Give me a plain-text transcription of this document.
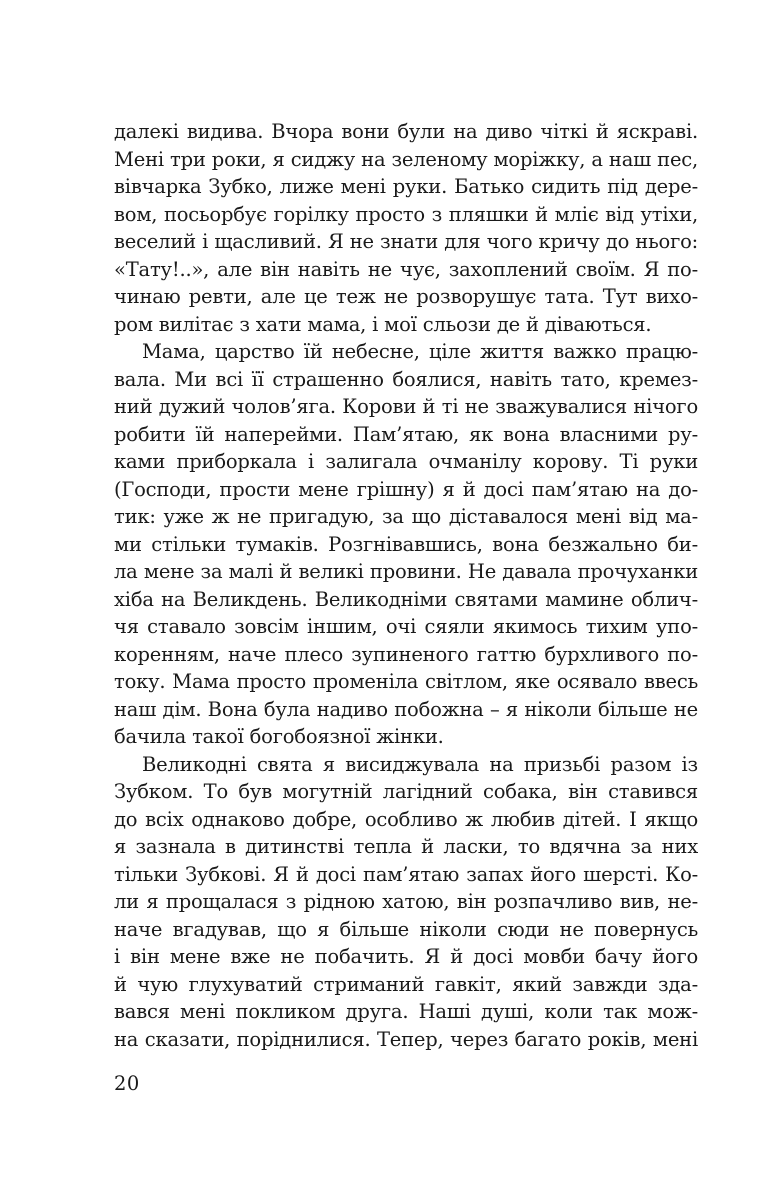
далекі видива. Вчора вони були на диво чіткі й яскраві.
Мені три роки, я сиджу на зеленому моріжку, а наш пес,
вівчарка Зубко, лиже мені руки. Батько сидить під дере-
вом, посьорбує горілку просто з пляшки й мліє від утіхи,
веселий і щасливий. Я не знати для чого кричу до нього:
«Тату!..», але він навіть не чує, захоплений своїм. Я по-
чинаю ревти, але це теж не розворушує тата. Тут вихо-
ром вилітає з хати мама, і мої сльози де й діваються.
Мама, царство їй небесне, ціле життя важко працю-
вала. Ми всі її страшенно боялися, навіть тато, кремез-
ний дужий чолов’яга. Корови й ті не зважувалися нічого
робити їй наперейми. Пам’ятаю, як вона власними ру-
ками приборкала і залигала очманілу корову. Ті руки
(Господи, прости мене грішну) я й досі пам’ятаю на до-
тик: уже ж не пригадую, за що діставалося мені від ма-
ми стільки тумаків. Розгнівавшись, вона безжально би-
ла мене за малі й великі провини. Не давала прочуханки
хіба на Великдень. Великодніми святами мамине облич-
чя ставало зовсім іншим, очі сяяли якимось тихим упо-
коренням, наче плесо зупиненого гаттю бурхливого по-
току. Мама просто променіла світлом, яке осявало ввесь
наш дім. Вона була надиво побожна – я ніколи більше не
бачила такої богобоязної жінки.
Великодні свята я висиджувала на призьбі разом із
Зубком. То був могутній лагідний собака, він ставився
до всіх однаково добре, особливо ж любив дітей. І якщо
я зазнала в дитинстві тепла й ласки, то вдячна за них
тільки Зубкові. Я й досі пам’ятаю запах його шерсті. Ко-
ли я прощалася з рідною хатою, він розпачливо вив, не-
наче вгадував, що я більше ніколи сюди не повернусь
і він мене вже не побачить. Я й досі мовби бачу його
й чую глухуватий стриманий гавкіт, який завжди зда-
вався мені покликом друга. Наші душі, коли так мож-
на сказати, поріднилися. Тепер, через багато років, мені
20
